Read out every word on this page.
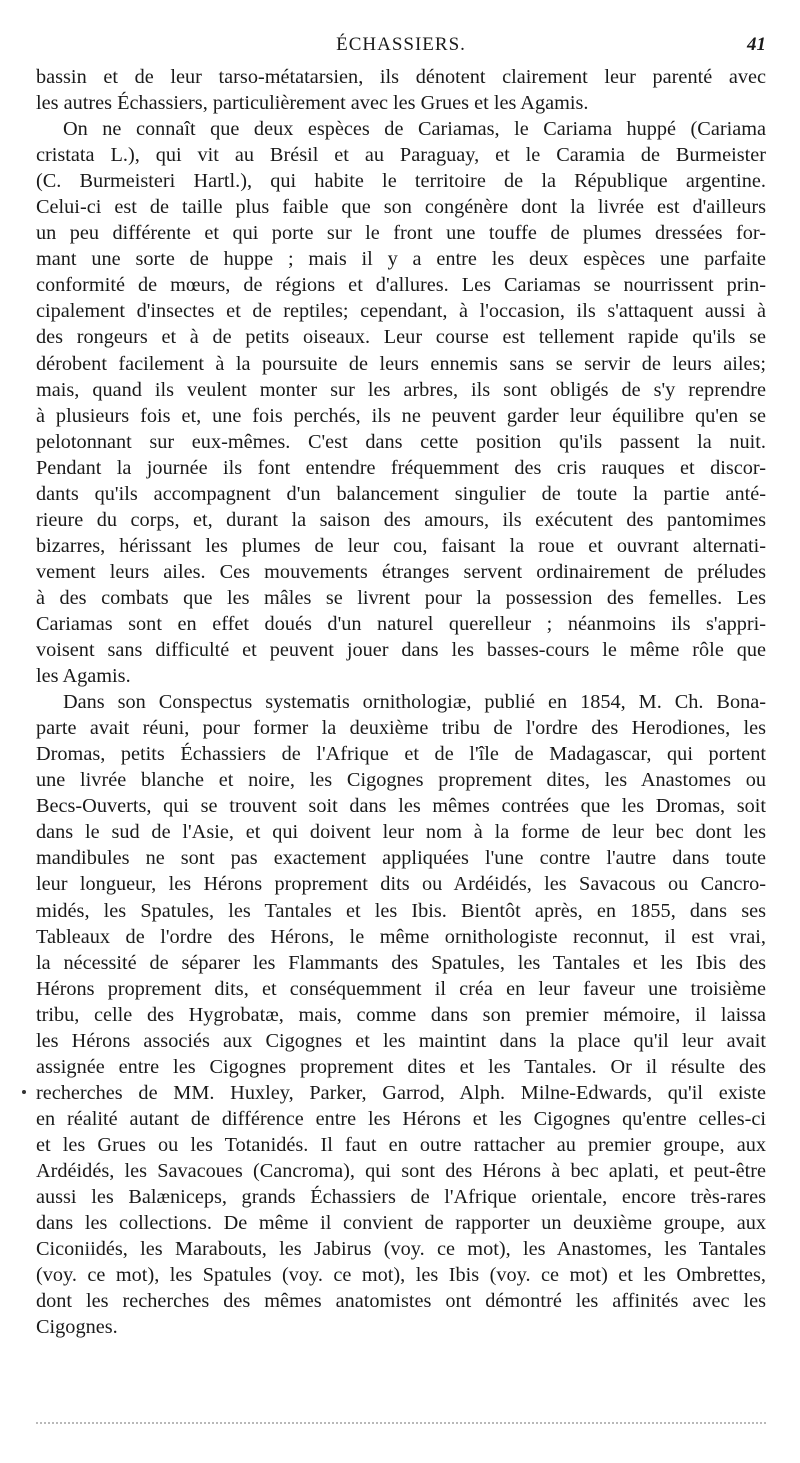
ÉCHASSIERS.	41
bassin et de leur tarso-métatarsien, ils dénotent clairement leur parenté avec
les autres Échassiers, particulièrement avec les Grues et les Agamis.
On ne connaît que deux espèces de Cariamas, le Cariama huppé (Cariama
cristata L.), qui vit au Brésil et au Paraguay, et le Caramia de Burmeister
(C. Burmeisteri Hartl.), qui habite le territoire de la République argentine.
Celui-ci est de taille plus faible que son congénère dont la livrée est d'ailleurs
un peu différente et qui porte sur le front une touffe de plumes dressées for-
mant une sorte de huppe ; mais il y a entre les deux espèces une parfaite
conformité de mœurs, de régions et d'allures. Les Cariamas se nourrissent prin-
cipalement d'insectes et de reptiles; cependant, à l'occasion, ils s'attaquent aussi à
des rongeurs et à de petits oiseaux. Leur course est tellement rapide qu'ils se
dérobent facilement à la poursuite de leurs ennemis sans se servir de leurs ailes;
mais, quand ils veulent monter sur les arbres, ils sont obligés de s'y reprendre
à plusieurs fois et, une fois perchés, ils ne peuvent garder leur équilibre qu'en se
pelotonnant sur eux-mêmes. C'est dans cette position qu'ils passent la nuit.
Pendant la journée ils font entendre fréquemment des cris rauques et discor-
dants qu'ils accompagnent d'un balancement singulier de toute la partie anté-
rieure du corps, et, durant la saison des amours, ils exécutent des pantomimes
bizarres, hérissant les plumes de leur cou, faisant la roue et ouvrant alternati-
vement leurs ailes. Ces mouvements étranges servent ordinairement de préludes
à des combats que les mâles se livrent pour la possession des femelles. Les
Cariamas sont en effet doués d'un naturel querelleur ; néanmoins ils s'appri-
voisent sans difficulté et peuvent jouer dans les basses-cours le même rôle que
les Agamis.
Dans son Conspectus systematis ornithologiæ, publié en 1854, M. Ch. Bona-
parte avait réuni, pour former la deuxième tribu de l'ordre des Herodiones, les
Dromas, petits Échassiers de l'Afrique et de l'île de Madagascar, qui portent
une livrée blanche et noire, les Cigognes proprement dites, les Anastomes ou
Becs-Ouverts, qui se trouvent soit dans les mêmes contrées que les Dromas, soit
dans le sud de l'Asie, et qui doivent leur nom à la forme de leur bec dont les
mandibules ne sont pas exactement appliquées l'une contre l'autre dans toute
leur longueur, les Hérons proprement dits ou Ardéidés, les Savacous ou Cancro-
midés, les Spatules, les Tantales et les Ibis. Bientôt après, en 1855, dans ses
Tableaux de l'ordre des Hérons, le même ornithologiste reconnut, il est vrai,
la nécessité de séparer les Flammants des Spatules, les Tantales et les Ibis des
Hérons proprement dits, et conséquemment il créa en leur faveur une troisième
tribu, celle des Hygrobatæ, mais, comme dans son premier mémoire, il laissa
les Hérons associés aux Cigognes et les maintint dans la place qu'il leur avait
assignée entre les Cigognes proprement dites et les Tantales. Or il résulte des
recherches de MM. Huxley, Parker, Garrod, Alph. Milne-Edwards, qu'il existe
en réalité autant de différence entre les Hérons et les Cigognes qu'entre celles-ci
et les Grues ou les Totanidés. Il faut en outre rattacher au premier groupe, aux
Ardéidés, les Savacoues (Cancroma), qui sont des Hérons à bec aplati, et peut-être
aussi les Balæniceps, grands Échassiers de l'Afrique orientale, encore très-rares
dans les collections. De même il convient de rapporter un deuxième groupe, aux
Ciconiidés, les Marabouts, les Jabirus (voy. ce mot), les Anastomes, les Tantales
(voy. ce mot), les Spatules (voy. ce mot), les Ibis (voy. ce mot) et les Ombrettes,
dont les recherches des mêmes anatomistes ont démontré les affinités avec les
Cigognes.
